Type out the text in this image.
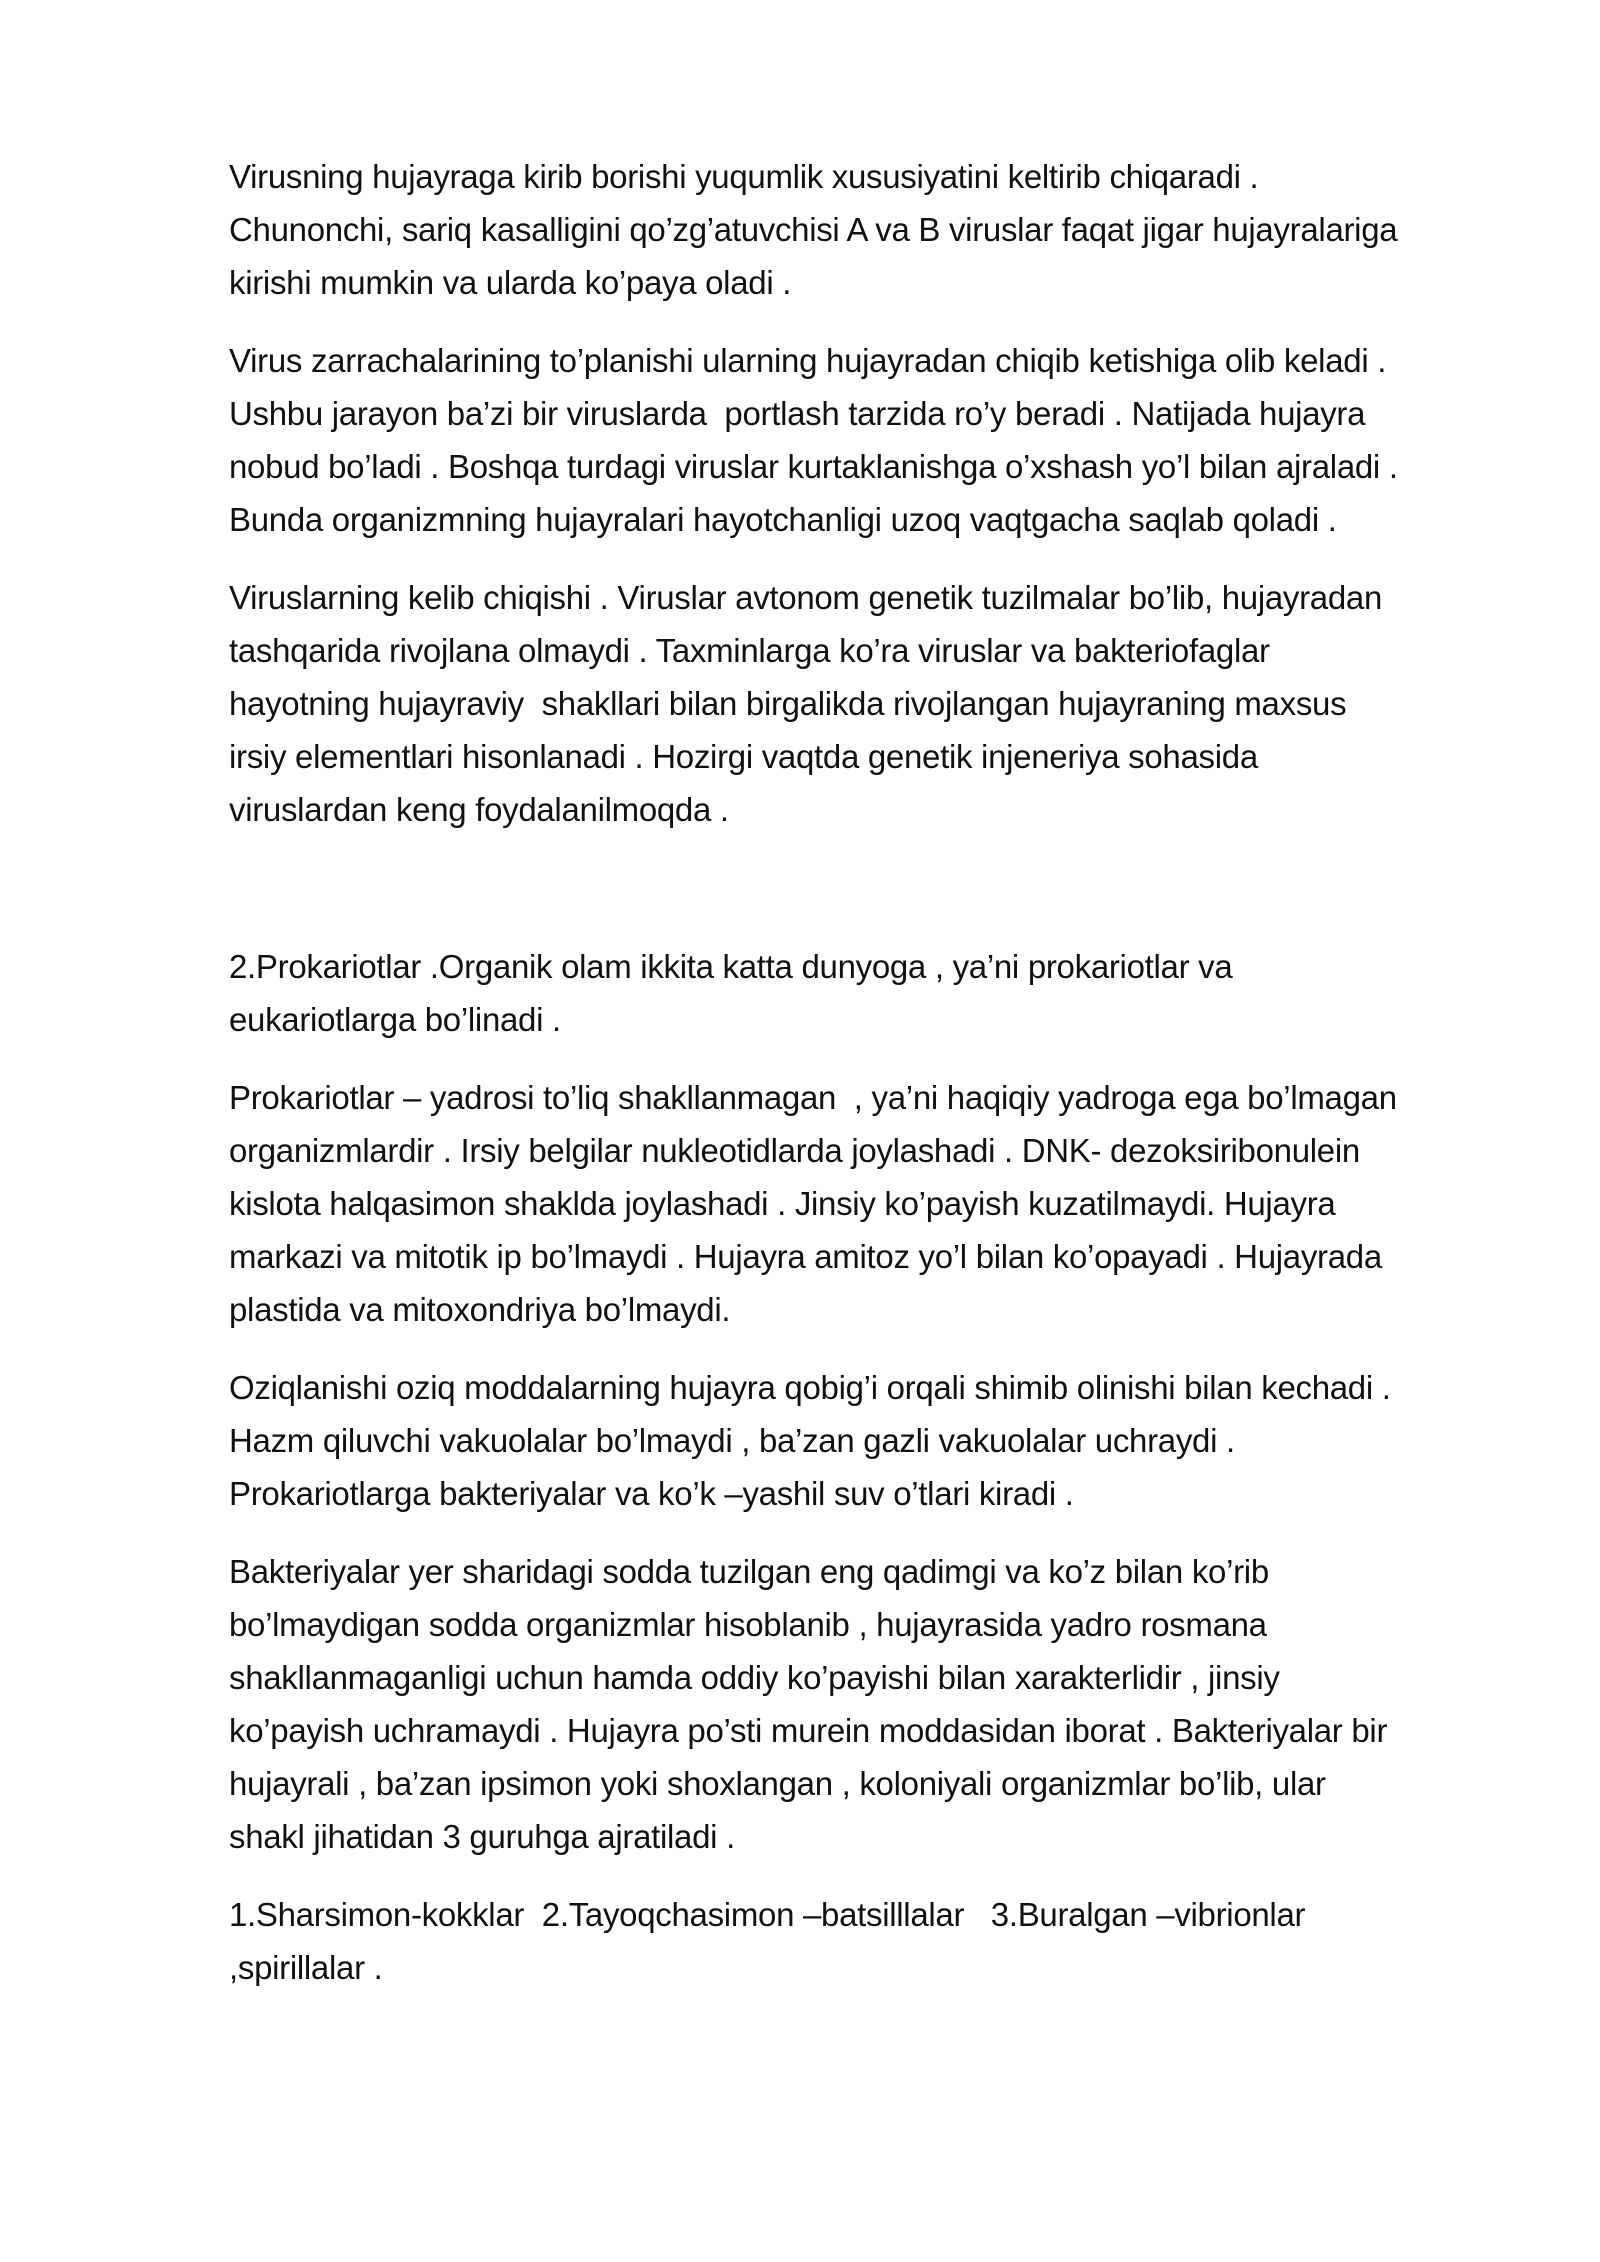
Virusning hujayraga kirib borishi yuqumlik xususiyatini keltirib chiqaradi . Chunonchi, sariq kasalligini qo’zg’atuvchisi A va B viruslar faqat jigar hujayralariga kirishi mumkin va ularda ko’paya oladi .

Virus zarrachalarining to’planishi ularning hujayradan chiqib ketishiga olib keladi . Ushbu jarayon ba’zi bir viruslarda  portlash tarzida ro’y beradi . Natijada hujayra nobud bo’ladi . Boshqa turdagi viruslar kurtaklanishga o’xshash yo’l bilan ajraladi . Bunda organizmning hujayralari hayotchanligi uzoq vaqtgacha saqlab qoladi .

Viruslarning kelib chiqishi . Viruslar avtonom genetik tuzilmalar bo’lib, hujayradan tashqarida rivojlana olmaydi . Taxminlarga ko’ra viruslar va bakteriofaglar hayotning hujayraviy  shakllari bilan birgalikda rivojlangan hujayraning maxsus irsiy elementlari hisonlanadi . Hozirgi vaqtda genetik injeneriya sohasida viruslardan keng foydalanilmoqda .

2.Prokariotlar .Organik olam ikkita katta dunyoga , ya’ni prokariotlar va eukariotlarga bo’linadi .

Prokariotlar – yadrosi to’liq shakllanmagan  , ya’ni haqiqiy yadroga ega bo’lmagan organizmlardir . Irsiy belgilar nukleotidlarda joylashadi . DNK- dezoksiribonulein kislota halqasimon shaklda joylashadi . Jinsiy ko’payish kuzatilmaydi. Hujayra markazi va mitotik ip bo’lmaydi . Hujayra amitoz yo’l bilan ko’opayadi . Hujayrada plastida va mitoxondriya bo’lmaydi.

Oziqlanishi oziq moddalarning hujayra qobig’i orqali shimib olinishi bilan kechadi . Hazm qiluvchi vakuolalar bo’lmaydi , ba’zan gazli vakuolalar uchraydi . Prokariotlarga bakteriyalar va ko’k –yashil suv o’tlari kiradi .

Bakteriyalar yer sharidagi sodda tuzilgan eng qadimgi va ko’z bilan ko’rib bo’lmaydigan sodda organizmlar hisoblanib , hujayrasida yadro rosmana shakllanmaganligi uchun hamda oddiy ko’payishi bilan xarakterlidir , jinsiy ko’payish uchramaydi . Hujayra po’sti murein moddasidan iborat . Bakteriyalar bir hujayrali , ba’zan ipsimon yoki shoxlangan , koloniyali organizmlar bo’lib, ular shakl jihatidan 3 guruhga ajratiladi .

1.Sharsimon-kokklar  2.Tayoqchasimon –batsilllalar   3.Buralgan –vibrionlar ,spirillalar .
